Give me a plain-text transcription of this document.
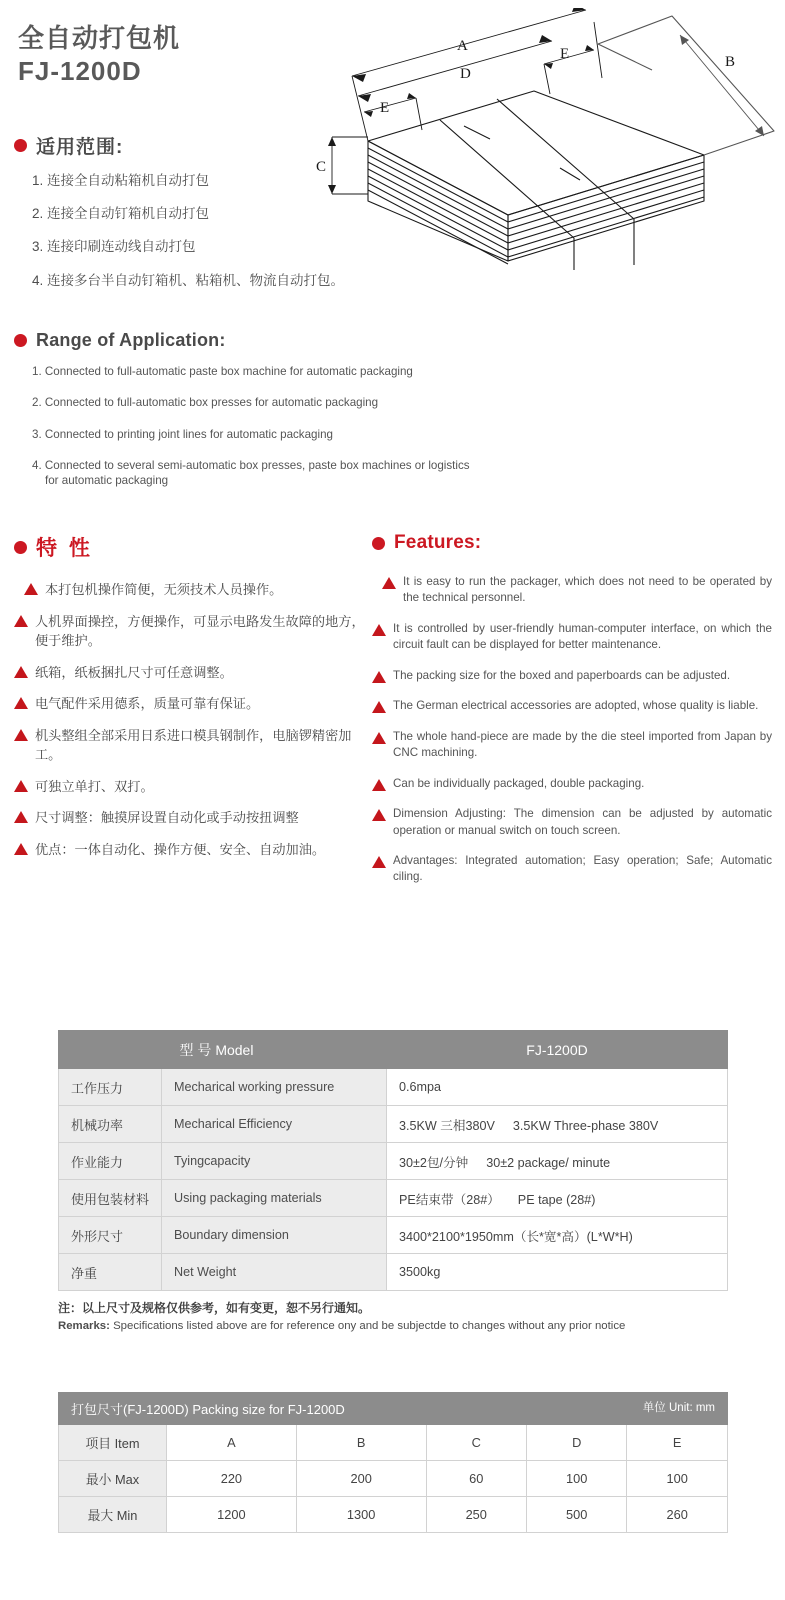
全自动打包机
FJ-1200D
A
B
C
D
E
E
适用范围:
1. 连接全自动粘箱机自动打包
2. 连接全自动钉箱机自动打包
3. 连接印刷连动线自动打包
4. 连接多台半自动钉箱机、粘箱机、物流自动打包。
Range of Application:
1. Connected to full-automatic paste box machine for automatic packaging
2. Connected to full-automatic box presses for automatic packaging
3. Connected to printing joint lines for automatic packaging
4. Connected to several semi-automatic box presses, paste box machines or logistics
for automatic packaging
特 性
本打包机操作简便，无须技术人员操作。
人机界面操控，方便操作，可显示电路发生故障的地方，便于维护。
纸箱，纸板捆扎尺寸可任意调整。
电气配件采用德系，质量可靠有保证。
机头整组全部采用日系进口模具钢制作，电脑锣精密加工。
可独立单打、双打。
尺寸调整：触摸屏设置自动化或手动按扭调整
优点：一体自动化、操作方便、安全、自动加油。
Features:
It is easy to run the packager, which does not need to be operated by the technical personnel.
It is controlled by user-friendly human-computer interface, on which the circuit fault can be displayed for better maintenance.
The packing size for the boxed and paperboards can be adjusted.
The German electrical accessories are adopted, whose quality is liable.
The whole hand-piece are made by the die steel imported from Japan by CNC machining.
Can be individually packaged, double packaging.
Dimension Adjusting: The dimension can be adjusted by automatic operation or manual switch on touch screen.
Advantages: Integrated automation; Easy operation; Safe; Automatic ciling.
型 号 Model		FJ-1200D
工作压力	Mecharical working pressure	0.6mpa
机械功率	Mecharical Efficiency	3.5KW 三相380V 3.5KW Three-phase 380V
作业能力	Tyingcapacity	30±2包/分钟 30±2 package/ minute
使用包装材料	Using packaging materials	PE结束带（28#） PE tape (28#)
外形尺寸	Boundary dimension	3400*2100*1950mm（长*宽*高）(L*W*H)
净重	Net Weight	3500kg
注：以上尺寸及规格仅供参考，如有变更，恕不另行通知。
Remarks: Specifications listed above are for reference ony and be subjectde to changes without any prior notice
打包尺寸(FJ-1200D) Packing size for FJ-1200D 单位 Unit: mm					

项目 Item	A	B	C	D	E
最小 Max	220	200	60	100	100
最大 Min	1200	1300	250	500	260
